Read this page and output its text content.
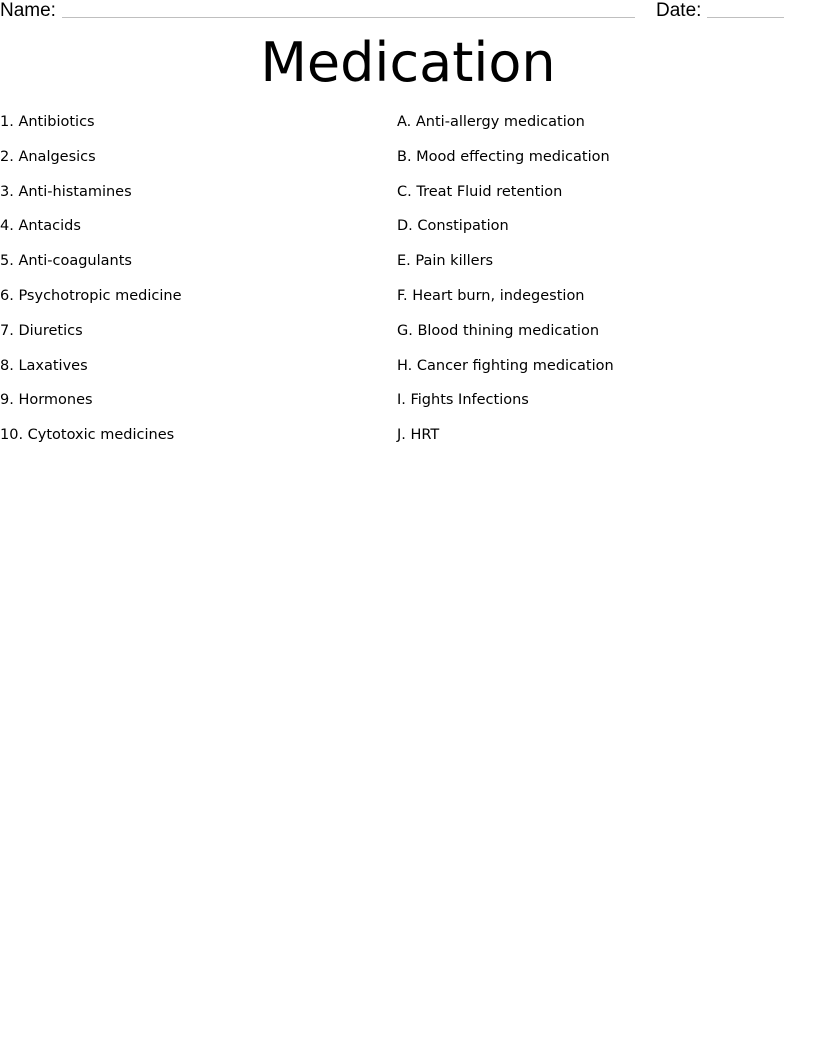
Name:	Date:
Medication
1. Antibiotics
2. Analgesics
3. Anti-histamines
4. Antacids
5. Anti-coagulants
6. Psychotropic medicine
7. Diuretics
8. Laxatives
9. Hormones
10. Cytotoxic medicines
A. Anti-allergy medication
B. Mood effecting medication
C. Treat Fluid retention
D. Constipation
E. Pain killers
F. Heart burn, indegestion
G. Blood thining medication
H. Cancer fighting medication
I. Fights Infections
J. HRT
